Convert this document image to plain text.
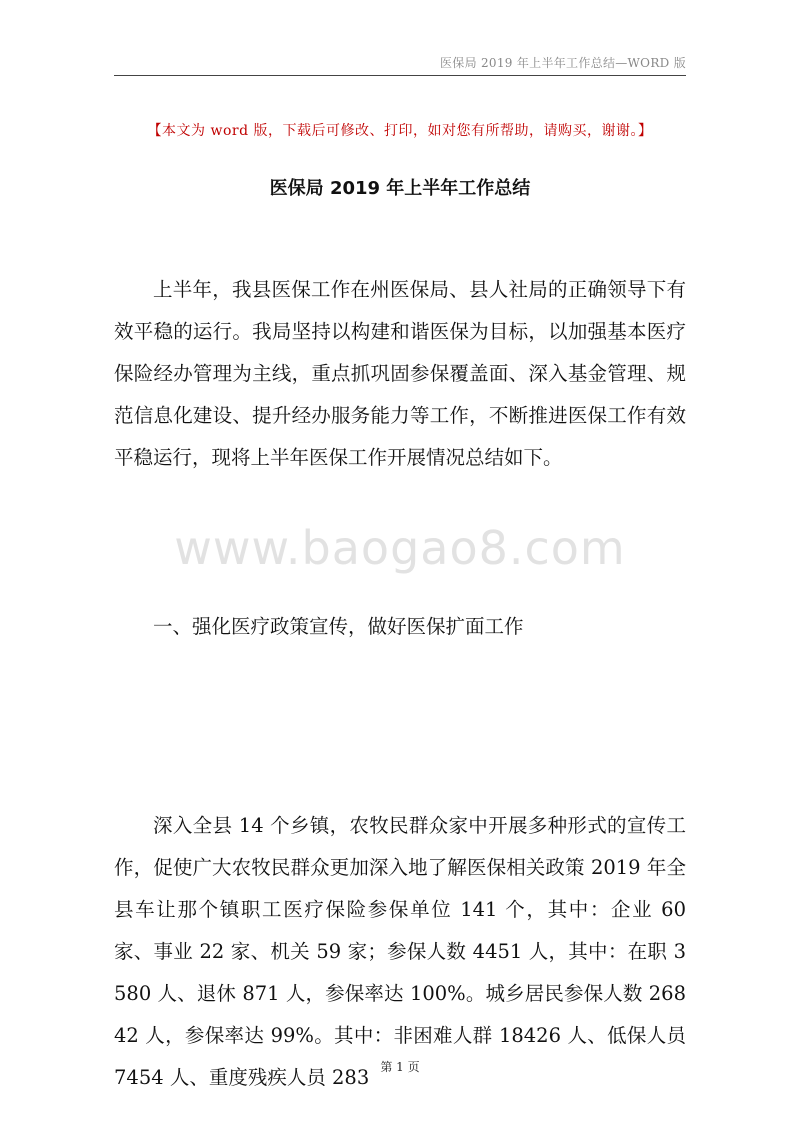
医保局 2019 年上半年工作总结—WORD 版
【本文为 word 版，下载后可修改、打印，如对您有所帮助，请购买，谢谢。】
医保局 2019 年上半年工作总结

上半年，我县医保工作在州医保局、县人社局的正确领导下有效平稳的运行。我局坚持以构建和谐医保为目标，以加强基本医疗保险经办管理为主线，重点抓巩固参保覆盖面、深入基金管理、规范信息化建设、提升经办服务能力等工作，不断推进医保工作有效平稳运行，现将上半年医保工作开展情况总结如下。

www.baogao8.com

一、强化医疗政策宣传，做好医保扩面工作

深入全县 14 个乡镇，农牧民群众家中开展多种形式的宣传工作，促使广大农牧民群众更加深入地了解医保相关政策 2019 年全县车让那个镇职工医疗保险参保单位 141 个，其中：企业 60 家、事业 22 家、机关 59 家；参保人数 4451 人，其中：在职 3580 人、退休 871 人，参保率达 100%。城乡居民参保人数 26842 人，参保率达 99%。其中：非困难人群 18426 人、低保人员 7454 人、重度残疾人员 283 第 1 页
